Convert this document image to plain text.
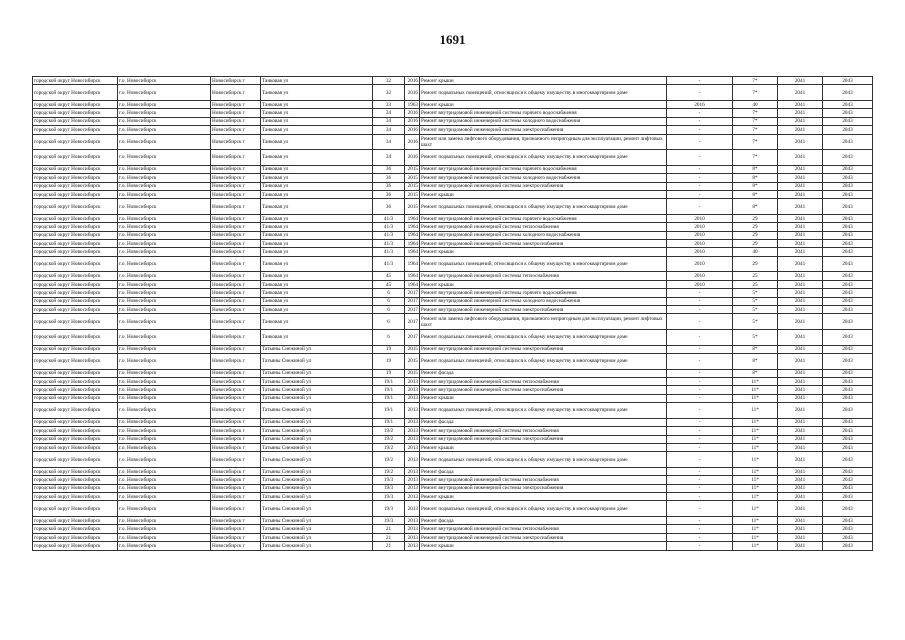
1691
городской округ Новосибирск	г.о. Новосибирск	Новосибирск г	Танковая ул	32	2016	Ремонт крыши	-	7*	2041	2043
городской округ Новосибирск	г.о. Новосибирск	Новосибирск г	Танковая ул	32	2016	Ремонт подвальных помещений, относящихся к общему имуществу в многоквартирном доме	-	7*	2041	2043
городской округ Новосибирск	г.о. Новосибирск	Новосибирск г	Танковая ул	33	1963	Ремонт крыши	2016	40	2041	2043
городской округ Новосибирск	г.о. Новосибирск	Новосибирск г	Танковая ул	34	2016	Ремонт внутридомовой инженерной системы горячего водоснабжения	-	7*	2041	2043
городской округ Новосибирск	г.о. Новосибирск	Новосибирск г	Танковая ул	34	2016	Ремонт внутридомовой инженерной системы холодного водоснабжения	-	7*	2041	2043
городской округ Новосибирск	г.о. Новосибирск	Новосибирск г	Танковая ул	34	2016	Ремонт внутридомовой инженерной системы электроснабжения	-	7*	2041	2043
городской округ Новосибирск	г.о. Новосибирск	Новосибирск г	Танковая ул	34	2016	Ремонт или замена лифтового оборудования, признанного непригодным для эксплуатации, ремонт лифтовых шахт	-	7*	2041	2043
городской округ Новосибирск	г.о. Новосибирск	Новосибирск г	Танковая ул	34	2016	Ремонт подвальных помещений, относящихся к общему имуществу в многоквартирном доме	-	7*	2041	2043
городской округ Новосибирск	г.о. Новосибирск	Новосибирск г	Танковая ул	36	2015	Ремонт внутридомовой инженерной системы горячего водоснабжения	-	8*	2041	2043
городской округ Новосибирск	г.о. Новосибирск	Новосибирск г	Танковая ул	36	2015	Ремонт внутридомовой инженерной системы холодного водоснабжения	-	8*	2041	2043
городской округ Новосибирск	г.о. Новосибирск	Новосибирск г	Танковая ул	36	2015	Ремонт внутридомовой инженерной системы электроснабжения	-	8*	2041	2043
городской округ Новосибирск	г.о. Новосибирск	Новосибирск г	Танковая ул	36	2015	Ремонт крыши	-	8*	2041	2043
городской округ Новосибирск	г.о. Новосибирск	Новосибирск г	Танковая ул	36	2015	Ремонт подвальных помещений, относящихся к общему имуществу в многоквартирном доме	-	8*	2041	2043
городской округ Новосибирск	г.о. Новосибирск	Новосибирск г	Танковая ул	41/3	1964	Ремонт внутридомовой инженерной системы горячего водоснабжения	2010	29	2041	2043
городской округ Новосибирск	г.о. Новосибирск	Новосибирск г	Танковая ул	41/3	1964	Ремонт внутридомовой инженерной системы теплоснабжения	2010	29	2041	2043
городской округ Новосибирск	г.о. Новосибирск	Новосибирск г	Танковая ул	41/3	1964	Ремонт внутридомовой инженерной системы холодного водоснабжения	2010	29	2041	2043
городской округ Новосибирск	г.о. Новосибирск	Новосибирск г	Танковая ул	41/3	1964	Ремонт внутридомовой инженерной системы электроснабжения	2010	29	2041	2043
городской округ Новосибирск	г.о. Новосибирск	Новосибирск г	Танковая ул	41/3	1964	Ремонт крыши	2010	40	2041	2043
городской округ Новосибирск	г.о. Новосибирск	Новосибирск г	Танковая ул	41/3	1964	Ремонт подвальных помещений, относящихся к общему имуществу в многоквартирном доме	2010	29	2041	2043
городской округ Новосибирск	г.о. Новосибирск	Новосибирск г	Танковая ул	45	1964	Ремонт внутридомовой инженерной системы теплоснабжения	2010	25	2041	2043
городской округ Новосибирск	г.о. Новосибирск	Новосибирск г	Танковая ул	45	1964	Ремонт крыши	2010	25	2041	2043
городской округ Новосибирск	г.о. Новосибирск	Новосибирск г	Танковая ул	6	2017	Ремонт внутридомовой инженерной системы горячего водоснабжения	-	5*	2041	2043
городской округ Новосибирск	г.о. Новосибирск	Новосибирск г	Танковая ул	6	2017	Ремонт внутридомовой инженерной системы холодного водоснабжения	-	5*	2041	2043
городской округ Новосибирск	г.о. Новосибирск	Новосибирск г	Танковая ул	6	2017	Ремонт внутридомовой инженерной системы электроснабжения	-	5*	2041	2043
городской округ Новосибирск	г.о. Новосибирск	Новосибирск г	Танковая ул	6	2017	Ремонт или замена лифтового оборудования, признанного непригодным для эксплуатации, ремонт лифтовых шахт	-	5*	2041	2043
городской округ Новосибирск	г.о. Новосибирск	Новосибирск г	Танковая ул	6	2017	Ремонт подвальных помещений, относящихся к общему имуществу в многоквартирном доме	-	5*	2041	2043
городской округ Новосибирск	г.о. Новосибирск	Новосибирск г	Татьяны Снежиной ул	19	2015	Ремонт внутридомовой инженерной системы электроснабжения	-	8*	2041	2043
городской округ Новосибирск	г.о. Новосибирск	Новосибирск г	Татьяны Снежиной ул	19	2015	Ремонт подвальных помещений, относящихся к общему имуществу в многоквартирном доме	-	8*	2041	2043
городской округ Новосибирск	г.о. Новосибирск	Новосибирск г	Татьяны Снежиной ул	19	2015	Ремонт фасада	-	8*	2041	2043
городской округ Новосибирск	г.о. Новосибирск	Новосибирск г	Татьяны Снежиной ул	19/1	2013	Ремонт внутридомовой инженерной системы теплоснабжения	-	11*	2041	2043
городской округ Новосибирск	г.о. Новосибирск	Новосибирск г	Татьяны Снежиной ул	19/1	2013	Ремонт внутридомовой инженерной системы электроснабжения	-	11*	2041	2043
городской округ Новосибирск	г.о. Новосибирск	Новосибирск г	Татьяны Снежиной ул	19/1	2013	Ремонт крыши	-	11*	2041	2043
городской округ Новосибирск	г.о. Новосибирск	Новосибирск г	Татьяны Снежиной ул	19/1	2013	Ремонт подвальных помещений, относящихся к общему имуществу в многоквартирном доме	-	11*	2041	2043
городской округ Новосибирск	г.о. Новосибирск	Новосибирск г	Татьяны Снежиной ул	19/1	2013	Ремонт фасада	-	11*	2041	2043
городской округ Новосибирск	г.о. Новосибирск	Новосибирск г	Татьяны Снежиной ул	19/2	2013	Ремонт внутридомовой инженерной системы теплоснабжения	-	11*	2041	2043
городской округ Новосибирск	г.о. Новосибирск	Новосибирск г	Татьяны Снежиной ул	19/2	2013	Ремонт внутридомовой инженерной системы электроснабжения	-	11*	2041	2043
городской округ Новосибирск	г.о. Новосибирск	Новосибирск г	Татьяны Снежиной ул	19/2	2013	Ремонт крыши	-	11*	2041	2043
городской округ Новосибирск	г.о. Новосибирск	Новосибирск г	Татьяны Снежиной ул	19/2	2013	Ремонт подвальных помещений, относящихся к общему имуществу в многоквартирном доме	-	11*	2041	2043
городской округ Новосибирск	г.о. Новосибирск	Новосибирск г	Татьяны Снежиной ул	19/2	2013	Ремонт фасада	-	11*	2041	2043
городской округ Новосибирск	г.о. Новосибирск	Новосибирск г	Татьяны Снежиной ул	19/3	2013	Ремонт внутридомовой инженерной системы теплоснабжения	-	11*	2041	2043
городской округ Новосибирск	г.о. Новосибирск	Новосибирск г	Татьяны Снежиной ул	19/3	2013	Ремонт внутридомовой инженерной системы электроснабжения	-	11*	2041	2043
городской округ Новосибирск	г.о. Новосибирск	Новосибирск г	Татьяны Снежиной ул	19/3	2013	Ремонт крыши	-	11*	2041	2043
городской округ Новосибирск	г.о. Новосибирск	Новосибирск г	Татьяны Снежиной ул	19/3	2013	Ремонт подвальных помещений, относящихся к общему имуществу в многоквартирном доме	-	11*	2041	2043
городской округ Новосибирск	г.о. Новосибирск	Новосибирск г	Татьяны Снежиной ул	19/3	2013	Ремонт фасада	-	11*	2041	2043
городской округ Новосибирск	г.о. Новосибирск	Новосибирск г	Татьяны Снежиной ул	21	2013	Ремонт внутридомовой инженерной системы теплоснабжения	-	11*	2041	2043
городской округ Новосибирск	г.о. Новосибирск	Новосибирск г	Татьяны Снежиной ул	21	2013	Ремонт внутридомовой инженерной системы электроснабжения	-	11*	2041	2043
городской округ Новосибирск	г.о. Новосибирск	Новосибирск г	Татьяны Снежиной ул	21	2013	Ремонт крыши	-	11*	2041	2043
